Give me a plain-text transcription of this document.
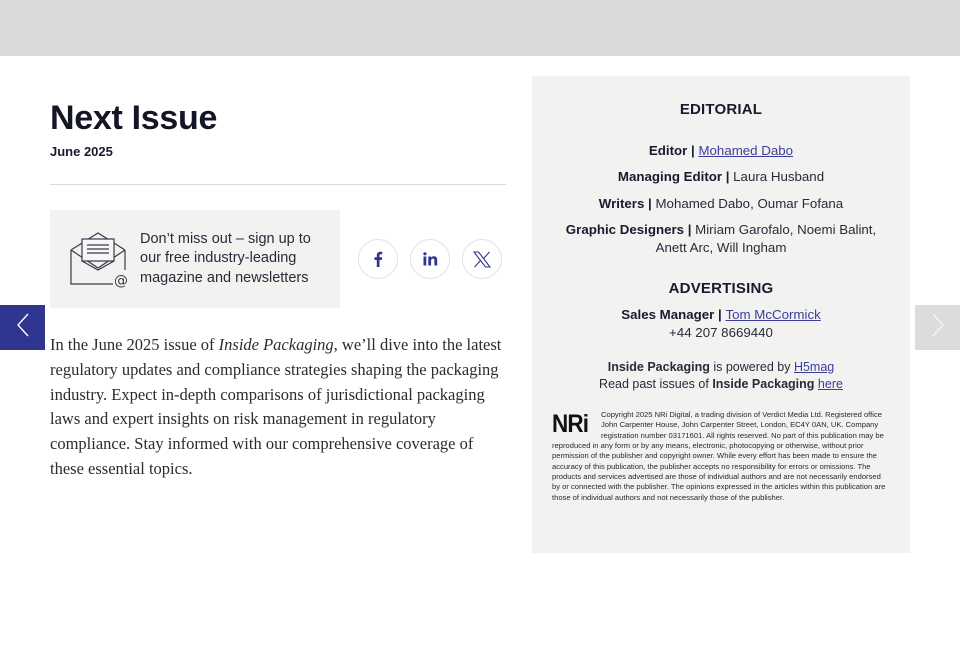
Next Issue
June 2025
@
Don’t miss out – sign up to our free industry-leading magazine and newsletters

In the June 2025 issue of Inside Packaging, we’ll dive into the latest regulatory updates and compliance strategies shaping the packaging industry. Expect in-depth comparisons of jurisdictional packaging laws and expert insights on risk management in regulatory compliance. Stay informed with our comprehensive coverage of these essential topics.

EDITORIAL
Editor | Mohamed Dabo
Managing Editor | Laura Husband
Writers | Mohamed Dabo, Oumar Fofana
Graphic Designers | Miriam Garofalo, Noemi Balint, Anett Arc, Will Ingham
ADVERTISING
Sales Manager | Tom McCormick
+44 207 8669440
Inside Packaging is powered by H5mag
Read past issues of Inside Packaging here
NRi Copyright 2025 NRi Digital, a trading division of Verdict Media Ltd. Registered office John Carpenter House, John Carpenter Street, London, EC4Y 0AN, UK. Company registration number 03171601. All rights reserved. No part of this publication may be reproduced in any form or by any means, electronic, photocopying or otherwise, without prior permission of the publisher and copyright owner. While every effort has been made to ensure the accuracy of this publication, the publisher accepts no responsibility for errors or omissions. The products and services advertised are those of individual authors and are not necessarily endorsed by or connected with the publisher. The opinions expressed in the articles within this publication are those of individual authors and not necessarily those of the publisher.
